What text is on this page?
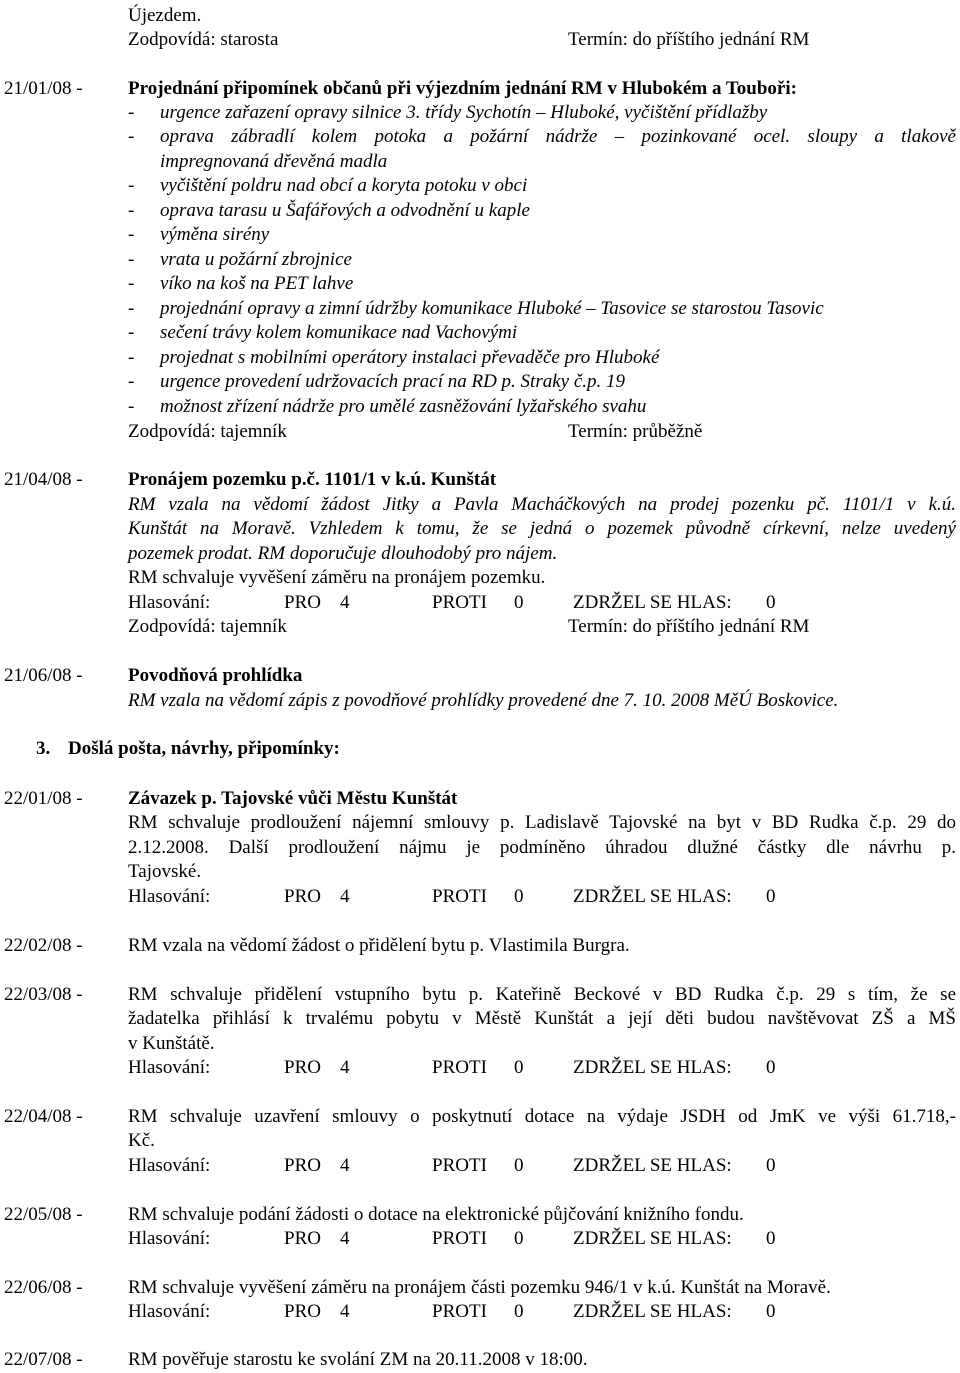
Újezdem.
Zodpovídá: starosta	Termín: do příštího jednání RM
21/01/08 - Projednání připomínek občanů při výjezdním jednání RM v Hlubokém a Touboři:
- urgence zařazení opravy silnice 3. třídy Sychotín – Hluboké, vyčištění přídlažby
- oprava zábradlí kolem potoka a požární nádrže – pozinkované ocel. sloupy a tlakově
impregnovaná dřevěná madla
- vyčištění poldru nad obcí a koryta potoku v obci
- oprava tarasu u Šafářových a odvodnění u kaple
- výměna sirény
- vrata u požární zbrojnice
- víko na koš na PET lahve
- projednání opravy a zimní údržby komunikace Hluboké – Tasovice se starostou Tasovic
- sečení trávy kolem komunikace nad Vachovými
- projednat s mobilními operátory instalaci převaděče pro Hluboké
- urgence provedení udržovacích prací na RD p. Straky č.p. 19
- možnost zřízení nádrže pro umělé zasněžování lyžařského svahu
Zodpovídá: tajemník	Termín: průběžně
21/04/08 - Pronájem pozemku p.č. 1101/1 v k.ú. Kunštát
RM vzala na vědomí žádost Jitky a Pavla Macháčkových na prodej pozenku pč. 1101/1 v k.ú.
Kunštát na Moravě. Vzhledem k tomu, že se jedná o pozemek původně církevní, nelze uvedený
pozemek prodat. RM doporučuje dlouhodobý pro nájem.
RM schvaluje vyvěšení záměru na pronájem pozemku.
Hlasování:	PRO 4	PROTI 0	ZDRŽEL SE HLAS: 0
Zodpovídá: tajemník	Termín: do příštího jednání RM
21/06/08 - Povodňová prohlídka
RM vzala na vědomí zápis z povodňové prohlídky provedené dne 7. 10. 2008 MěÚ Boskovice.
3. Došlá pošta, návrhy, připomínky:
22/01/08 - Závazek p. Tajovské vůči Městu Kunštát
RM schvaluje prodloužení nájemní smlouvy p. Ladislavě Tajovské na byt v BD Rudka č.p. 29 do
2.12.2008. Další prodloužení nájmu je podmíněno úhradou dlužné částky dle návrhu p.
Tajovské.
Hlasování:	PRO 4	PROTI 0	ZDRŽEL SE HLAS: 0
22/02/08 - RM vzala na vědomí žádost o přidělení bytu p. Vlastimila Burgra.
22/03/08 - RM schvaluje přidělení vstupního bytu p. Kateřině Beckové v BD Rudka č.p. 29 s tím, že se
žadatelka přihlásí k trvalému pobytu v Městě Kunštát a její děti budou navštěvovat ZŠ a MŠ
v Kunštátě.
Hlasování:	PRO 4	PROTI 0	ZDRŽEL SE HLAS: 0
22/04/08 - RM schvaluje uzavření smlouvy o poskytnutí dotace na výdaje JSDH od JmK ve výši 61.718,-
Kč.
Hlasování:	PRO 4	PROTI 0	ZDRŽEL SE HLAS: 0
22/05/08 - RM schvaluje podání žádosti o dotace na elektronické půjčování knižního fondu.
Hlasování:	PRO 4	PROTI 0	ZDRŽEL SE HLAS: 0
22/06/08 - RM schvaluje vyvěšení záměru na pronájem části pozemku 946/1 v k.ú. Kunštát na Moravě.
Hlasování:	PRO 4	PROTI 0	ZDRŽEL SE HLAS: 0
22/07/08 - RM pověřuje starostu ke svolání ZM na 20.11.2008 v 18:00.
